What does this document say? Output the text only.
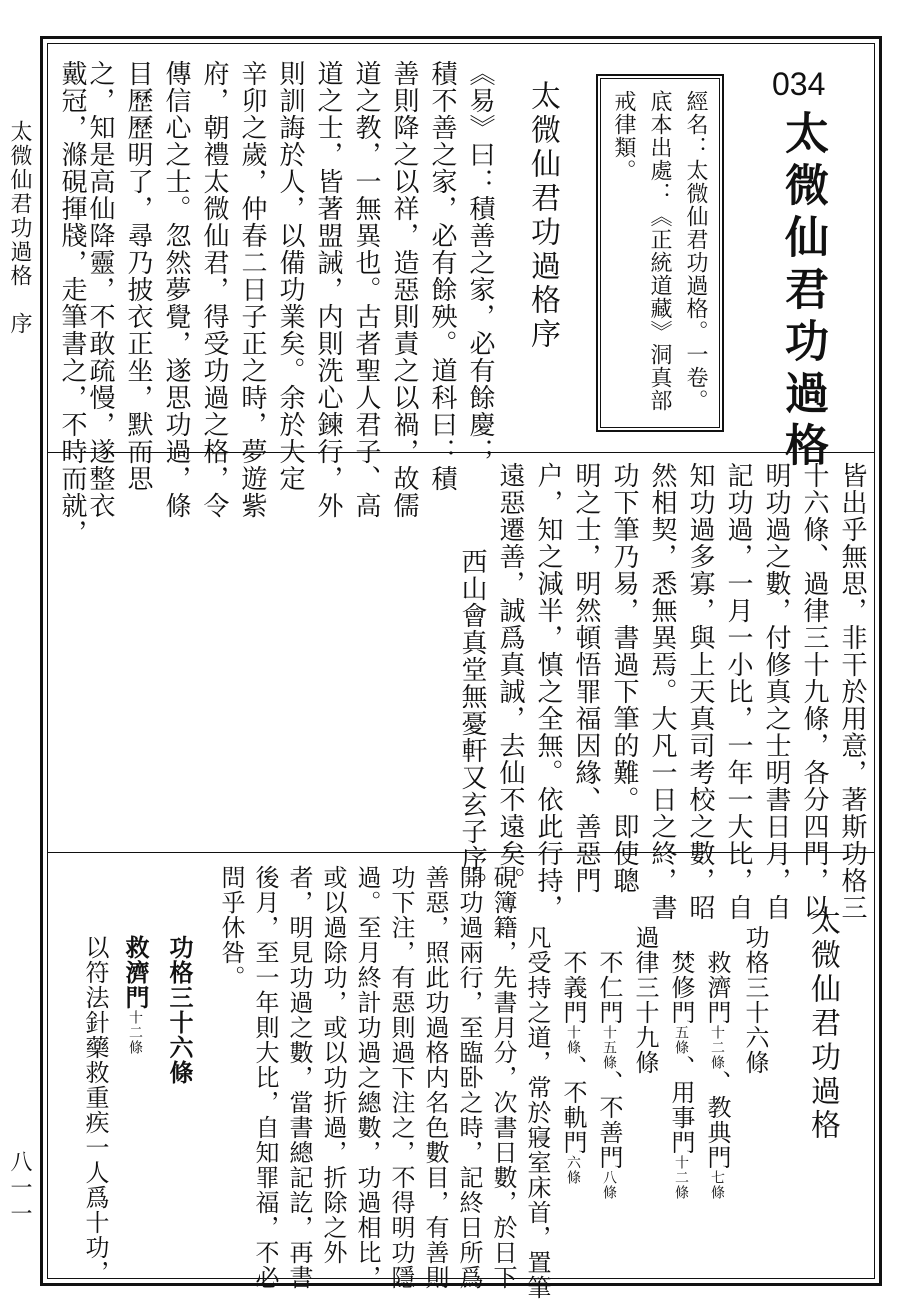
太微仙君功過格　序
八一一
034
太微仙君功過格
經名：太微仙君功過格。一卷。
底本出處：《正統道藏》洞真部
戒律類。
太微仙君功過格序
《易》曰：積善之家，必有餘慶；
積不善之家，必有餘殃。道科曰：積
善則降之以祥，造惡則責之以禍，故儒
道之教，一無異也。古者聖人君子、高
道之士，皆著盟誡，内則洗心鍊行，外
則訓誨於人，以備功業矣。余於大定
辛卯之歲，仲春二日子正之時，夢遊紫
府，朝禮太微仙君，得受功過之格，令
傳信心之士。忽然夢覺，遂思功過，條
目歷歷明了，尋乃披衣正坐，默而思
之，知是高仙降靈，不敢疏慢，遂整衣
戴冠，滌硯揮牋，走筆書之，不時而就，
皆出乎無思，非干於用意，著斯功格三
十六條、過律三十九條，各分四門，以
明功過之數，付修真之士明書日月，自
記功過，一月一小比，一年一大比，自
知功過多寡，與上天真司考校之數，昭
然相契，悉無異焉。大凡一日之終，書
功下筆乃易，書過下筆的難。即使聰
明之士，明然頓悟罪福因緣、善惡門
户，知之減半，慎之全無。依此行持，
遠惡遷善，誠爲真誠，去仙不遠矣。
西山會真堂無憂軒又玄子序。
太微仙君功過格
功格三十六條
救濟門十二條、教典門七條
焚修門五條、用事門十二條
過律三十九條
不仁門十五條、不善門八條
不義門十條、不軌門六條
凡受持之道，常於寢室床首，置筆
硯簿籍，先書月分，次書日數，於日下
開功過兩行，至臨卧之時，記終日所爲
善惡，照此功過格内名色數目，有善則
功下注，有惡則過下注之，不得明功隱
過。至月終計功過之總數，功過相比，
或以過除功，或以功折過，折除之外
者，明見功過之數，當書總記訖，再書
後月，至一年則大比，自知罪福，不必
問乎休咎。
功格三十六條
救濟門十二條
以符法針藥救重疾一人爲十功，
